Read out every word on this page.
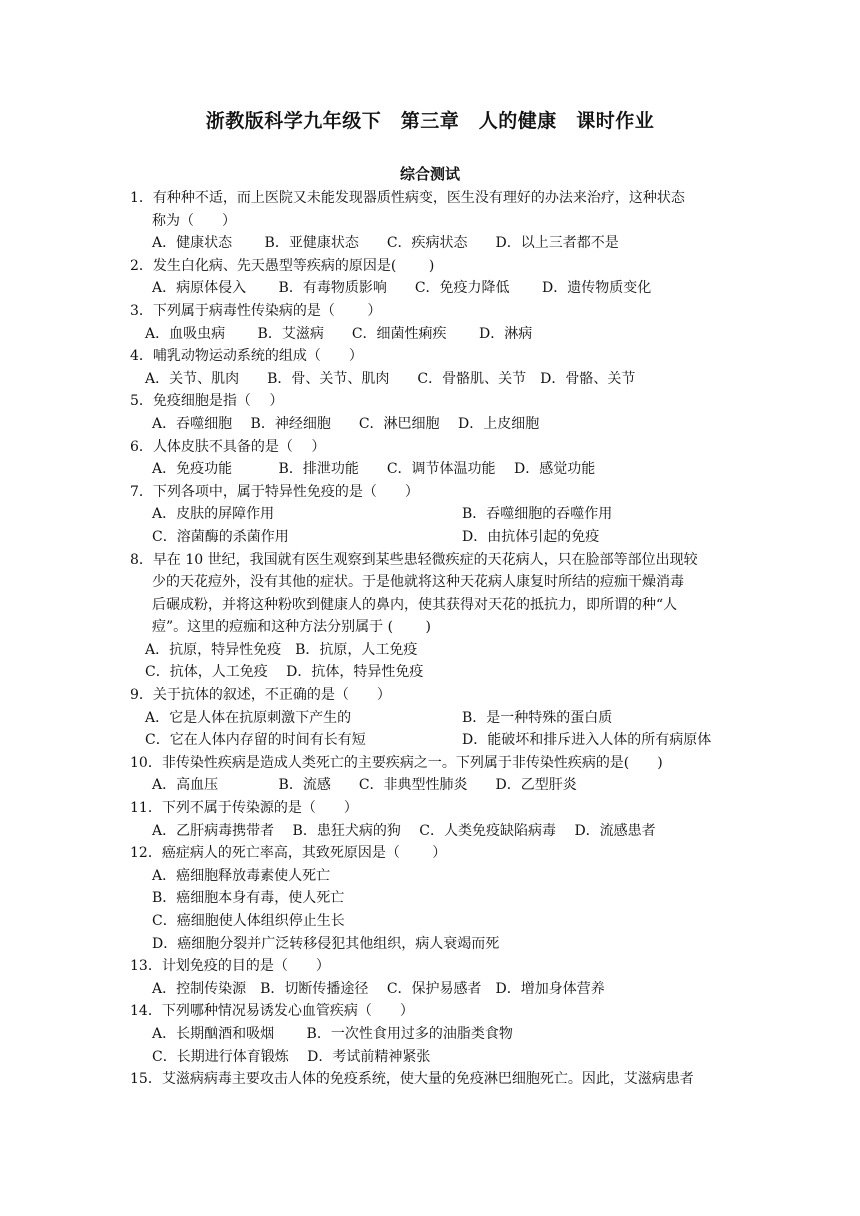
浙教版科学九年级下　第三章　人的健康　课时作业
综合测试
1．有种种不适，而上医院又未能发现器质性病变，医生没有理好的办法来治疗，这种状态
称为（　　）
A．健康状态　　 B．亚健康状态　　C．疾病状态　　D．以上三者都不是
2．发生白化病、先天愚型等疾病的原因是(　　 )
A．病原体侵入　　 B．有毒物质影响　　C．免疫力降低　　 D．遗传物质变化
3．下列属于病毒性传染病的是（　　 ）
A．血吸虫病　　 B．艾滋病　　C．细菌性痢疾　　 D．淋病
4．哺乳动物运动系统的组成（　　）
A．关节、肌肉　　B．骨、关节、肌肉　　C．骨骼肌、关节　D．骨骼、关节
5．免疫细胞是指（　 ）
A．吞噬细胞　 B．神经细胞　　C．淋巴细胞　 D．上皮细胞
6．人体皮肤不具备的是（　 ）
A．免疫功能　　　 B．排泄功能　　C．调节体温功能　 D．感觉功能
7．下列各项中，属于特异性免疫的是（　　）
A．皮肤的屏障作用	B．吞噬细胞的吞噬作用
C．溶菌酶的杀菌作用	D．由抗体引起的免疫
8．早在 10 世纪，我国就有医生观察到某些患轻微疾症的天花病人，只在脸部等部位出现较
少的天花痘外，没有其他的症状。于是他就将这种天花病人康复时所结的痘痂干燥消毒
后碾成粉，并将这种粉吹到健康人的鼻内，使其获得对天花的抵抗力，即所谓的种“人
痘”。这里的痘痂和这种方法分别属于 (　　 )
A．抗原，特异性免疫　B．抗原，人工免疫
C．抗体，人工免疫　 D．抗体，特异性免疫
9．关于抗体的叙述，不正确的是（　　）
A．它是人体在抗原刺激下产生的	B．是一种特殊的蛋白质
C．它在人体内存留的时间有长有短	D．能破坏和排斥进入人体的所有病原体
10．非传染性疾病是造成人类死亡的主要疾病之一。下列属于非传染性疾病的是(　　)
A．高血压　　　　 B．流感　　C．非典型性肺炎　　D．乙型肝炎
11．下列不属于传染源的是（　　）
A．乙肝病毒携带者　 B．患狂犬病的狗　 C．人类免疫缺陷病毒　 D．流感患者
12．癌症病人的死亡率高，其致死原因是（　　 ）
A．癌细胞释放毒素使人死亡
B．癌细胞本身有毒，使人死亡
C．癌细胞使人体组织停止生长
D．癌细胞分裂并广泛转移侵犯其他组织，病人衰竭而死
13．计划免疫的目的是（　　）
A．控制传染源　B．切断传播途径　 C．保护易感者　D．增加身体营养
14．下列哪种情况易诱发心血管疾病（　　）
A．长期酗酒和吸烟　　 B．一次性食用过多的油脂类食物
C．长期进行体育锻炼　 D．考试前精神紧张
15．艾滋病病毒主要攻击人体的免疫系统，使大量的免疫淋巴细胞死亡。因此，艾滋病患者
